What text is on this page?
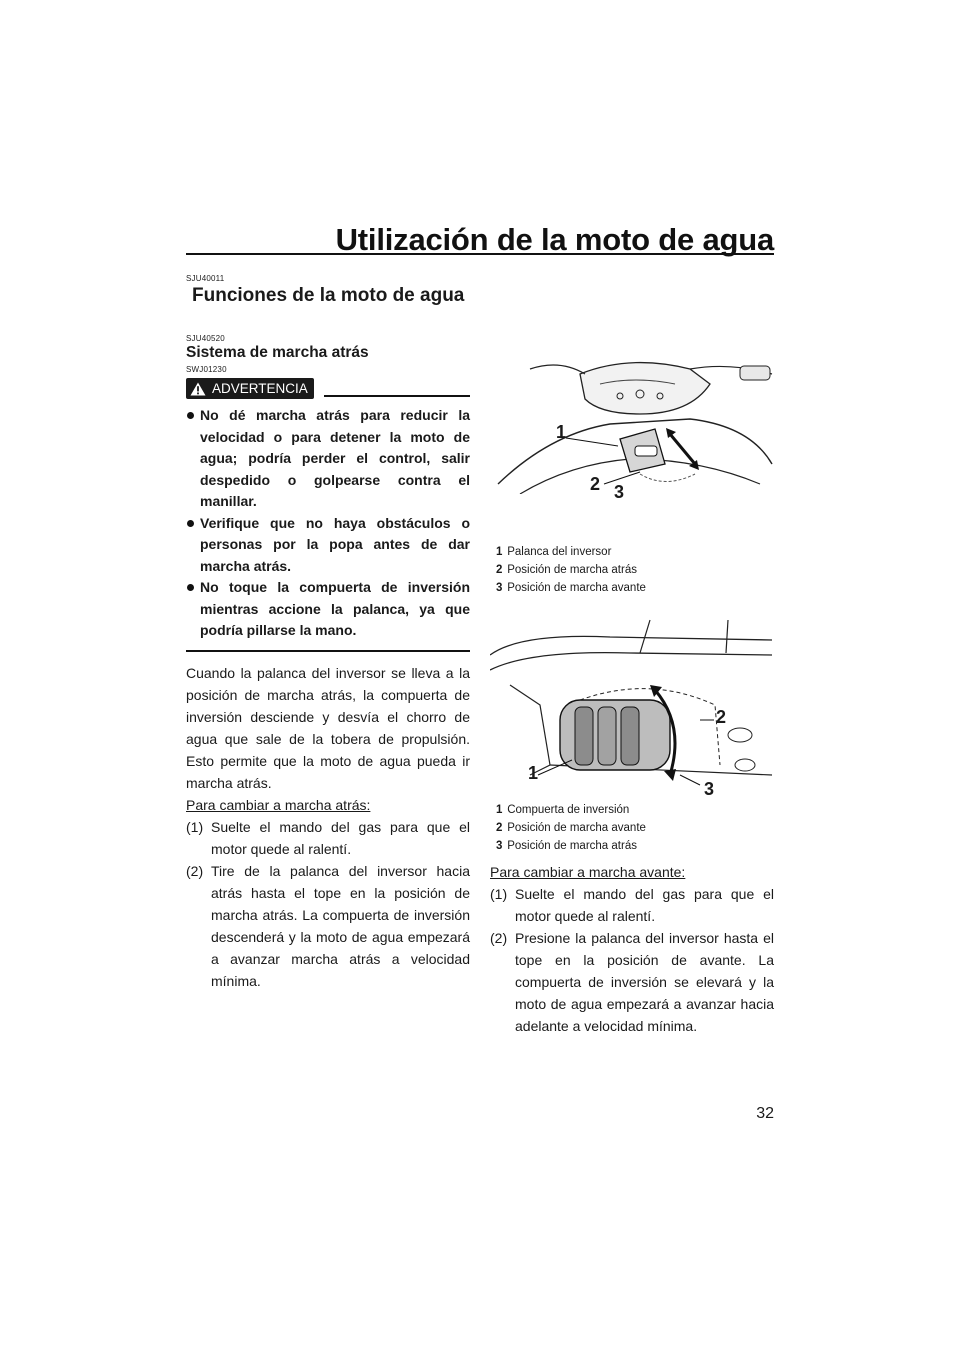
Utilización de la moto de agua
SJU40011
Funciones de la moto de agua
SJU40520
Sistema de marcha atrás
SWJ01230
ADVERTENCIA
No dé marcha atrás para reducir la velocidad o para detener la moto de agua; podría perder el control, salir despedido o golpearse contra el manillar.
Verifique que no haya obstáculos o personas por la popa antes de dar marcha atrás.
No toque la compuerta de inversión mientras accione la palanca, ya que podría pillarse la mano.

Cuando la palanca del inversor se lleva a la posición de marcha atrás, la compuerta de inversión desciende y desvía el chorro de agua que sale de la tobera de propulsión. Esto permite que la moto de agua pueda ir marcha atrás.

Para cambiar a marcha atrás:
(1) Suelte el mando del gas para que el motor quede al ralentí.
(2) Tire de la palanca del inversor hacia atrás hasta el tope en la posición de marcha atrás. La compuerta de inversión descenderá y la moto de agua empezará a avanzar marcha atrás a velocidad mínima.
1
2 3
1 Palanca del inversor
2 Posición de marcha atrás
3 Posición de marcha avante
1
2
3
1 Compuerta de inversión
2 Posición de marcha avante
3 Posición de marcha atrás
Para cambiar a marcha avante:
(1) Suelte el mando del gas para que el motor quede al ralentí.
(2) Presione la palanca del inversor hasta el tope en la posición de avante. La compuerta de inversión se elevará y la moto de agua empezará a avanzar hacia adelante a velocidad mínima.
32
